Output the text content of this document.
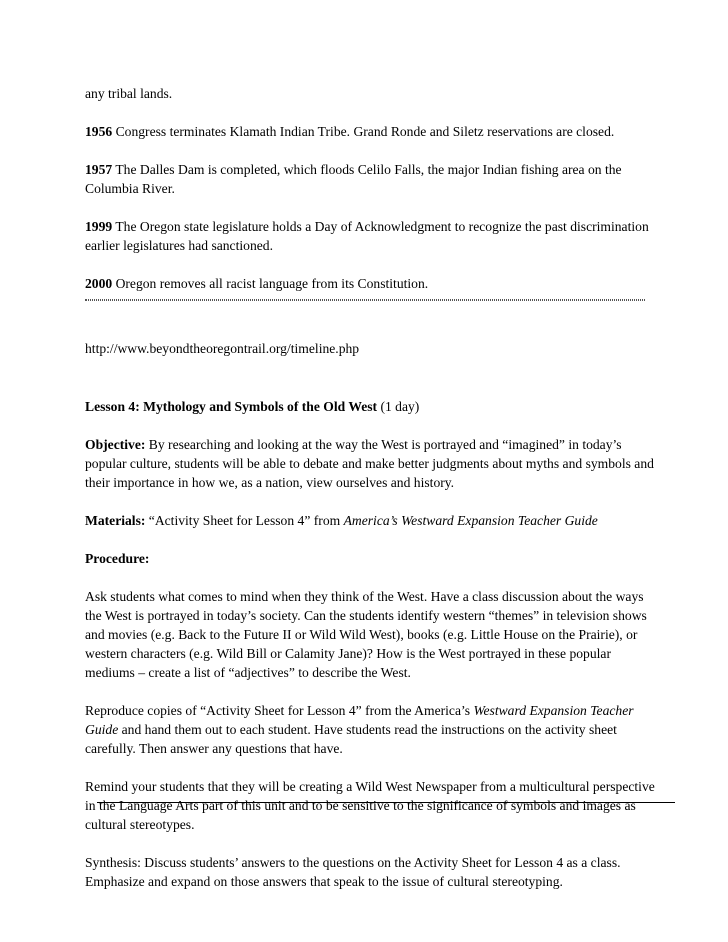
any tribal lands.

1956 Congress terminates Klamath Indian Tribe. Grand Ronde and Siletz reservations are closed.

1957 The Dalles Dam is completed, which floods Celilo Falls, the major Indian fishing area on the Columbia River.

1999 The Oregon state legislature holds a Day of Acknowledgment to recognize the past discrimination earlier legislatures had sanctioned.

2000 Oregon removes all racist language from its Constitution.

http://www.beyondtheoregontrail.org/timeline.php

Lesson 4: Mythology and Symbols of the Old West (1 day)

Objective: By researching and looking at the way the West is portrayed and “imagined” in today’s popular culture, students will be able to debate and make better judgments about myths and symbols and their importance in how we, as a nation, view ourselves and history.

Materials: “Activity Sheet for Lesson 4” from America’s Westward Expansion Teacher Guide

Procedure:

Ask students what comes to mind when they think of the West. Have a class discussion about the ways the West is portrayed in today’s society. Can the students identify western “themes” in television shows and movies (e.g. Back to the Future II or Wild Wild West), books (e.g. Little House on the Prairie), or western characters (e.g. Wild Bill or Calamity Jane)? How is the West portrayed in these popular mediums – create a list of “adjectives” to describe the West.

Reproduce copies of “Activity Sheet for Lesson 4” from the America’s Westward Expansion Teacher Guide and hand them out to each student. Have students read the instructions on the activity sheet carefully. Then answer any questions that have.

Remind your students that they will be creating a Wild West Newspaper from a multicultural perspective in the Language Arts part of this unit and to be sensitive to the significance of symbols and images as cultural stereotypes.

Synthesis: Discuss students’ answers to the questions on the Activity Sheet for Lesson 4 as a class. Emphasize and expand on those answers that speak to the issue of cultural stereotyping.
